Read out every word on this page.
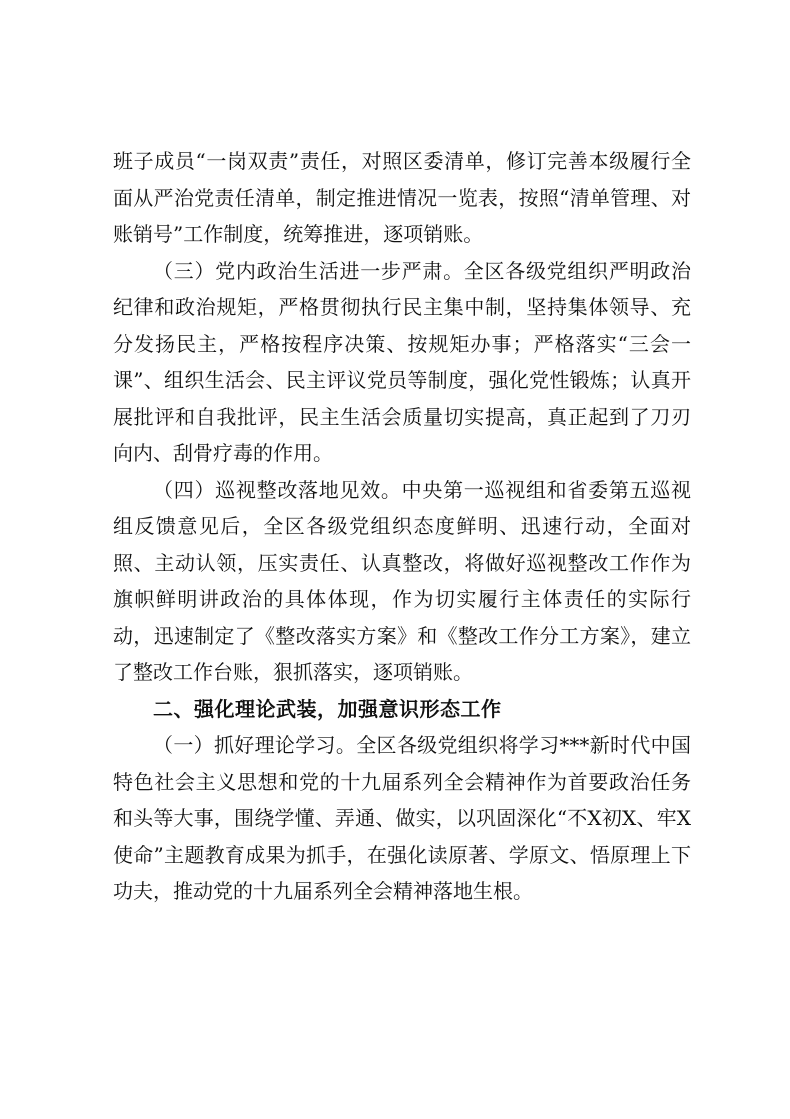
班子成员“一岗双责”责任，对照区委清单，修订完善本级履行全面从严治党责任清单，制定推进情况一览表，按照“清单管理、对账销号”工作制度，统筹推进，逐项销账。

（三）党内政治生活进一步严肃。全区各级党组织严明政治纪律和政治规矩，严格贯彻执行民主集中制，坚持集体领导、充分发扬民主，严格按程序决策、按规矩办事；严格落实“三会一课”、组织生活会、民主评议党员等制度，强化党性锻炼；认真开展批评和自我批评，民主生活会质量切实提高，真正起到了刀刃向内、刮骨疗毒的作用。

（四）巡视整改落地见效。中央第一巡视组和省委第五巡视组反馈意见后，全区各级党组织态度鲜明、迅速行动，全面对照、主动认领，压实责任、认真整改，将做好巡视整改工作作为旗帜鲜明讲政治的具体体现，作为切实履行主体责任的实际行动，迅速制定了《整改落实方案》和《整改工作分工方案》，建立了整改工作台账，狠抓落实，逐项销账。

二、强化理论武装，加强意识形态工作

（一）抓好理论学习。全区各级党组织将学习***新时代中国特色社会主义思想和党的十九届系列全会精神作为首要政治任务和头等大事，围绕学懂、弄通、做实，以巩固深化“不X初X、牢X使命”主题教育成果为抓手，在强化读原著、学原文、悟原理上下功夫，推动党的十九届系列全会精神落地生根。
